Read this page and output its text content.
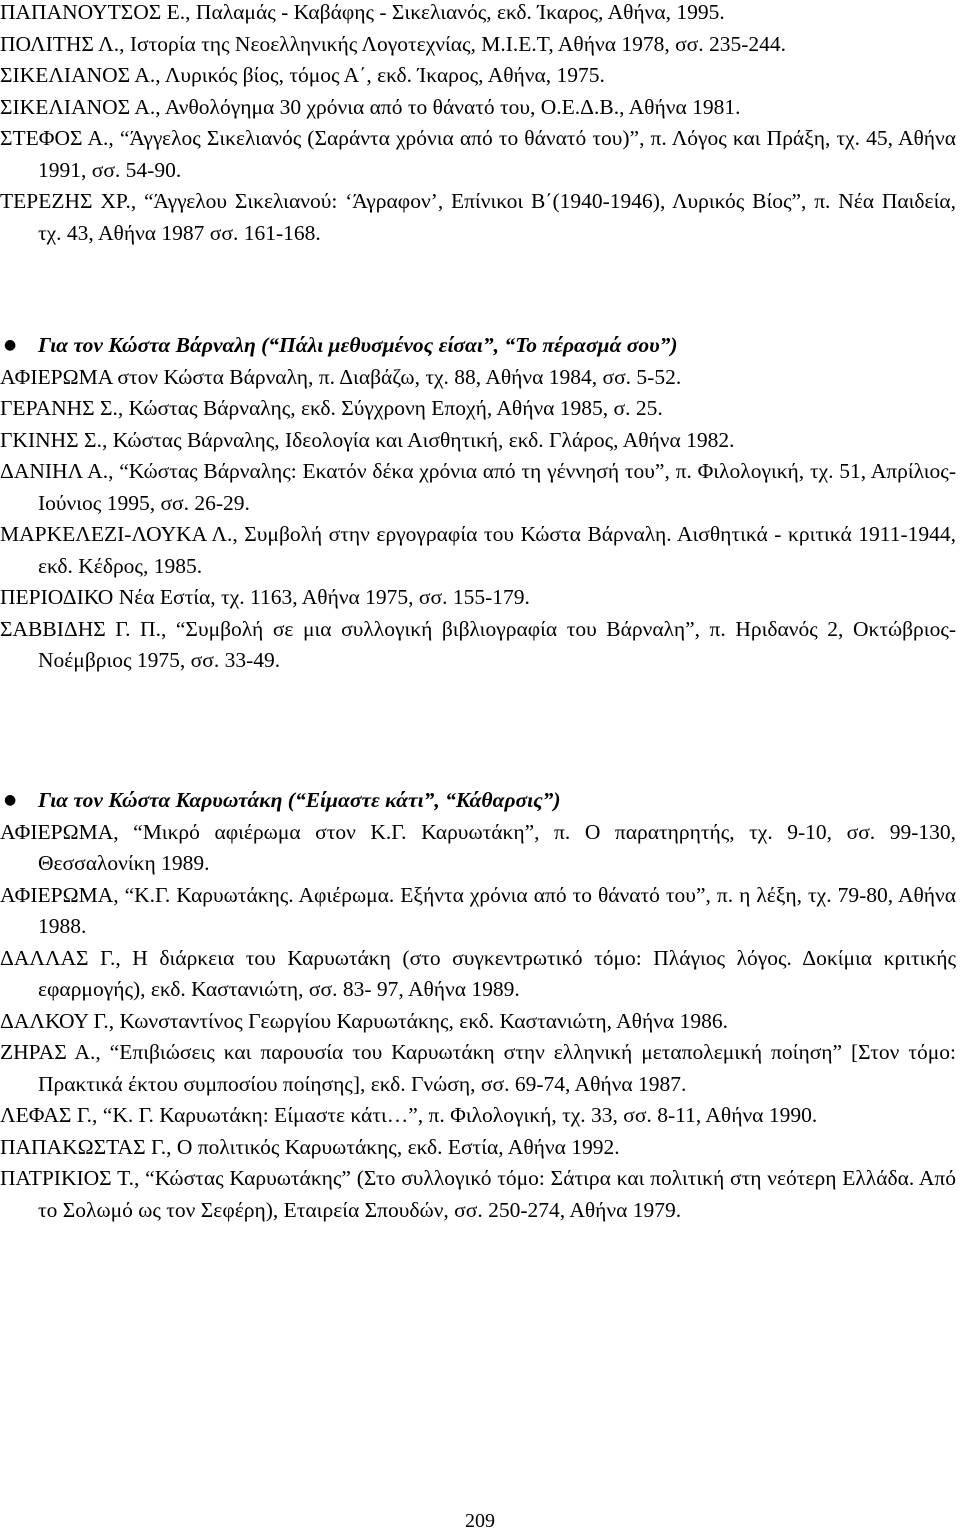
ΠΑΠΑΝΟΥΤΣΟΣ Ε., Παλαμάς - Καβάφης - Σικελιανός, εκδ. Ίκαρος, Αθήνα, 1995.

ΠΟΛΙΤΗΣ Λ., Ιστορία της Νεοελληνικής Λογοτεχνίας, Μ.Ι.Ε.Τ, Αθήνα 1978, σσ. 235-244.

ΣΙΚΕΛΙΑΝΟΣ Α., Λυρικός βίος, τόμος Α΄, εκδ. Ίκαρος, Αθήνα, 1975.

ΣΙΚΕΛΙΑΝΟΣ Α., Ανθολόγημα 30 χρόνια από το θάνατό του, Ο.Ε.Δ.Β., Αθήνα 1981.

ΣΤΕΦΟΣ Α., “Άγγελος Σικελιανός (Σαράντα χρόνια από το θάνατό του)”, π. Λόγος και Πράξη, τχ. 45, Αθήνα 1991, σσ. 54-90.

ΤΕΡΕΖΗΣ ΧΡ., “Άγγελου Σικελιανού: ‘Άγραφον’, Επίνικοι Β΄(1940-1946), Λυρικός Βίος”, π. Νέα Παιδεία, τχ. 43, Αθήνα 1987 σσ. 161-168.

● Για τον Κώστα Βάρναλη (“Πάλι μεθυσμένος είσαι”, “Το πέρασμά σου”)

ΑΦΙΕΡΩΜΑ στον Κώστα Βάρναλη, π. Διαβάζω, τχ. 88, Αθήνα 1984, σσ. 5-52.

ΓΕΡΑΝΗΣ Σ., Κώστας Βάρναλης, εκδ. Σύγχρονη Εποχή, Αθήνα 1985, σ. 25.

ΓΚΙΝΗΣ Σ., Κώστας Βάρναλης, Ιδεολογία και Αισθητική, εκδ. Γλάρος, Αθήνα 1982.

ΔΑΝΙΗΛ Α., “Κώστας Βάρναλης: Εκατόν δέκα χρόνια από τη γέννησή του”, π. Φιλολογική, τχ. 51, Απρίλιος-Ιούνιος 1995, σσ. 26-29.

ΜΑΡΚΕΛΕΖΙ-ΛΟΥΚΑ Λ., Συμβολή στην εργογραφία του Κώστα Βάρναλη. Αισθητικά - κριτικά 1911-1944, εκδ. Κέδρος, 1985.

ΠΕΡΙΟΔΙΚΟ Νέα Εστία, τχ. 1163, Αθήνα 1975, σσ. 155-179.

ΣΑΒΒΙΔΗΣ Γ. Π., “Συμβολή σε μια συλλογική βιβλιογραφία του Βάρναλη”, π. Ηριδανός 2, Οκτώβριος-Νοέμβριος 1975, σσ. 33-49.

● Για τον Κώστα Καρυωτάκη (“Είμαστε κάτι”, “Κάθαρσις”)

ΑΦΙΕΡΩΜΑ, “Μικρό αφιέρωμα στον Κ.Γ. Καρυωτάκη”, π. Ο παρατηρητής, τχ. 9-10, σσ. 99-130, Θεσσαλονίκη 1989.

ΑΦΙΕΡΩΜΑ, “Κ.Γ. Καρυωτάκης. Αφιέρωμα. Εξήντα χρόνια από το θάνατό του”, π. η λέξη, τχ. 79-80, Αθήνα 1988.

ΔΑΛΛΑΣ Γ., Η διάρκεια του Καρυωτάκη (στο συγκεντρωτικό τόμο: Πλάγιος λόγος. Δοκίμια κριτικής εφαρμογής), εκδ. Καστανιώτη, σσ. 83- 97, Αθήνα 1989.

ΔΑΛΚΟΥ Γ., Κωνσταντίνος Γεωργίου Καρυωτάκης, εκδ. Καστανιώτη, Αθήνα 1986.

ΖΗΡΑΣ Α., “Επιβιώσεις και παρουσία του Καρυωτάκη στην ελληνική μεταπολεμική ποίηση” [Στον τόμο: Πρακτικά έκτου συμποσίου ποίησης], εκδ. Γνώση, σσ. 69-74, Αθήνα 1987.

ΛΕΦΑΣ Γ., “Κ. Γ. Καρυωτάκη: Είμαστε κάτι…”, π. Φιλολογική, τχ. 33, σσ. 8-11, Αθήνα 1990.

ΠΑΠΑΚΩΣΤΑΣ Γ., Ο πολιτικός Καρυωτάκης, εκδ. Εστία, Αθήνα 1992.

ΠΑΤΡΙΚΙΟΣ Τ., “Κώστας Καρυωτάκης” (Στο συλλογικό τόμο: Σάτιρα και πολιτική στη νεότερη Ελλάδα. Από το Σολωμό ως τον Σεφέρη), Εταιρεία Σπουδών, σσ. 250-274, Αθήνα 1979.

209
